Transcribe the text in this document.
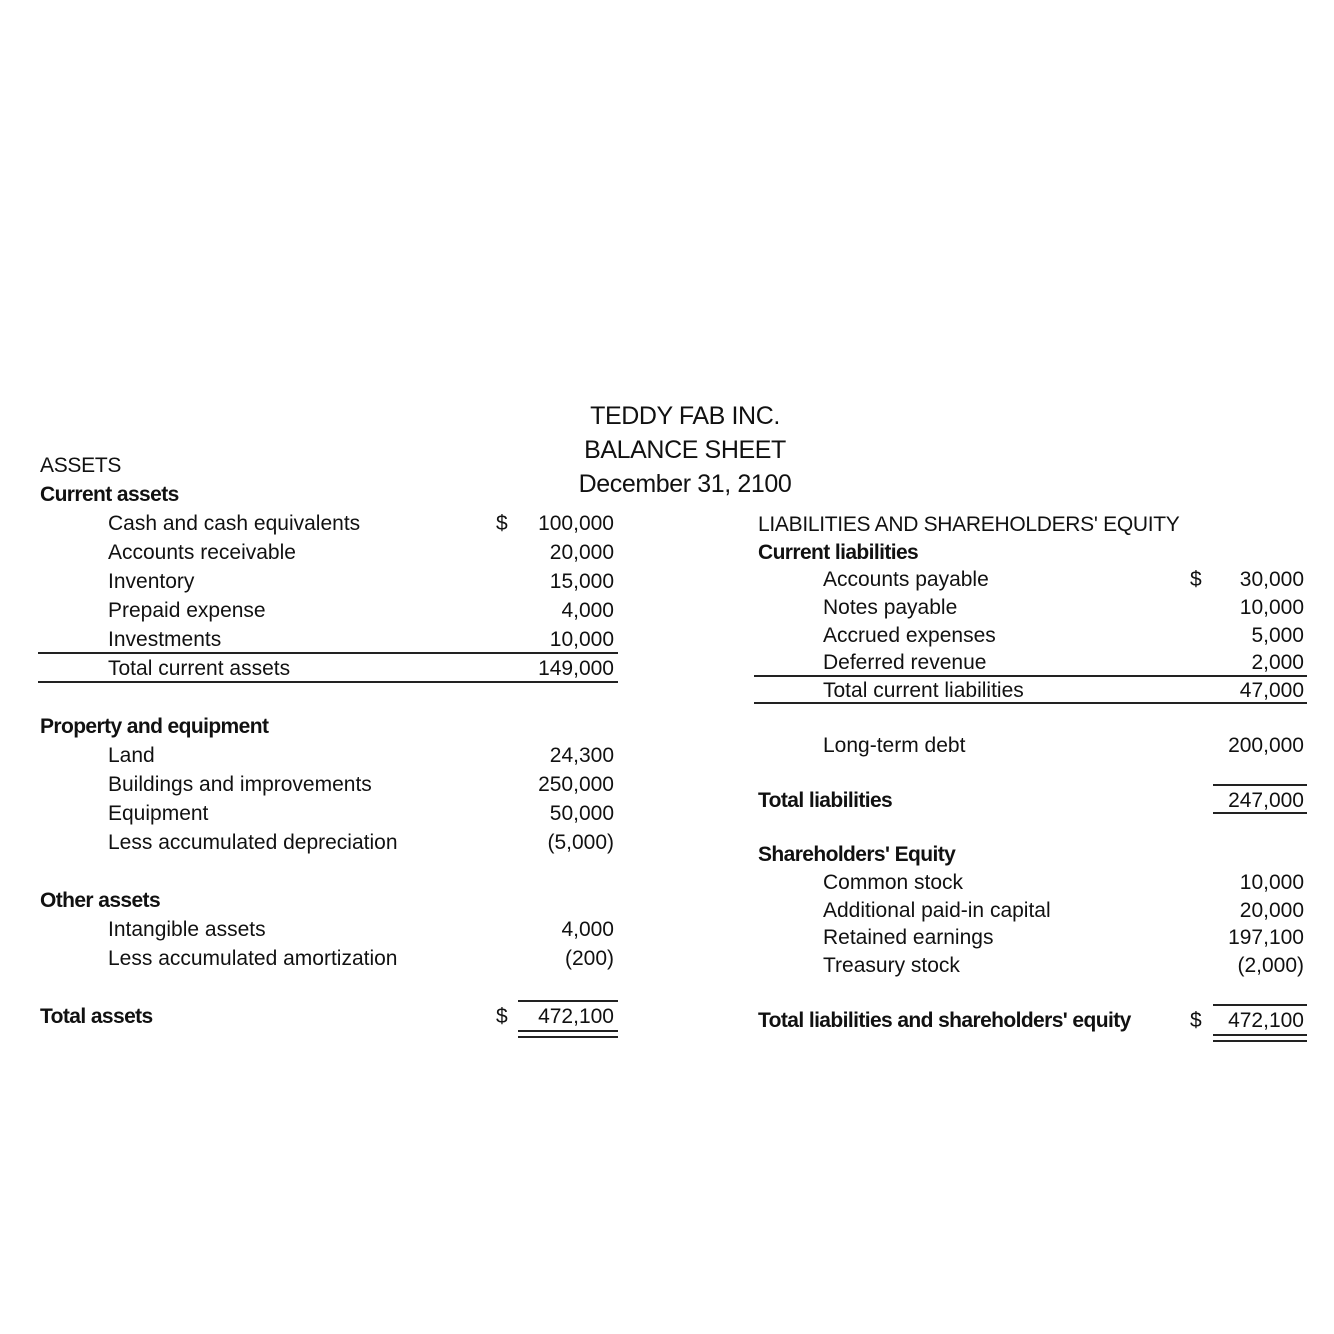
TEDDY FAB INC.
BALANCE SHEET
December 31, 2100
ASSETS
Current assets
Cash and cash equivalents	$ 100,000
Accounts receivable	20,000
Inventory	15,000
Prepaid expense	4,000
Investments	10,000
Total current assets	149,000
Property and equipment
Land	24,300
Buildings and improvements	250,000
Equipment	50,000
Less accumulated depreciation	(5,000)
Other assets
Intangible assets	4,000
Less accumulated amortization	(200)
Total assets	$ 472,100
LIABILITIES AND SHAREHOLDERS' EQUITY
Current liabilities
Accounts payable	$ 30,000
Notes payable	10,000
Accrued expenses	5,000
Deferred revenue	2,000
Total current liabilities	47,000
Long-term debt	200,000
Total liabilities	247,000
Shareholders' Equity
Common stock	10,000
Additional paid-in capital	20,000
Retained earnings	197,100
Treasury stock	(2,000)
Total liabilities and shareholders' equity	$ 472,100
